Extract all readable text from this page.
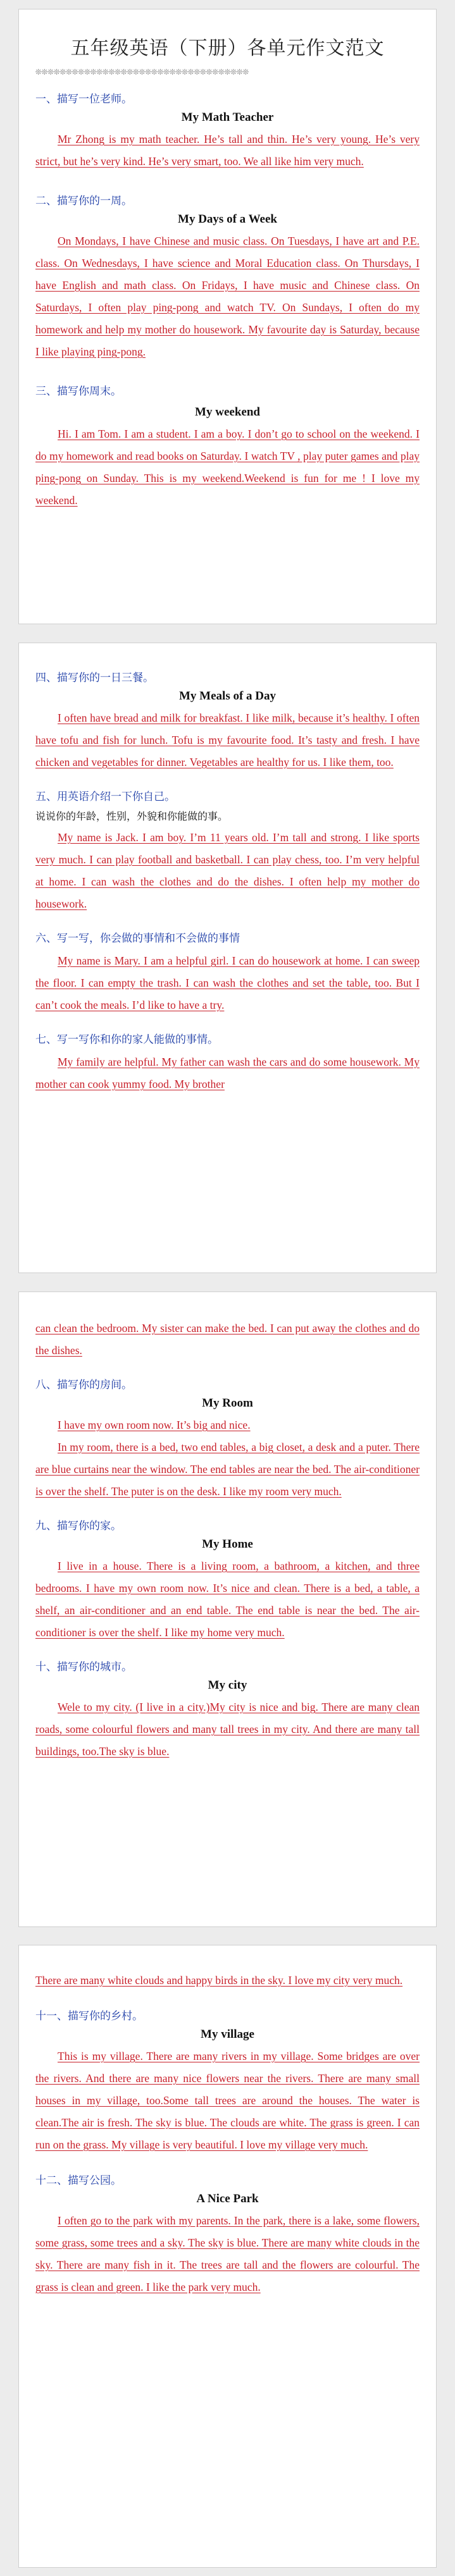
五年级英语（下册）各单元作文范文
❊❊❊❊❊❊❊❊❊❊❊❊❊❊❊❊❊❊❊❊❊❊❊❊❊❊❊❊❊❊❊❊❊❊❊
一、描写一位老师。
My Math Teacher

Mr Zhong is my math teacher. He’s tall and thin. He’s very young. He’s very strict, but he’s very kind. He’s very smart, too. We all like him very much.

二、描写你的一周。
My Days of a Week

On Mondays, I have Chinese and music class. On Tuesdays, I have art and P.E. class. On Wednesdays, I have science and Moral Education class. On Thursdays, I have English and math class. On Fridays, I have music and Chinese class. On Saturdays, I often play ping-pong and watch TV. On Sundays, I often do my homework and help my mother do housework. My favourite day is Saturday, because I like playing ping-pong.

三、描写你周末。
My weekend

Hi. I am Tom. I am a student. I am a boy. I don’t go to school on the weekend. I do my homework and read books on Saturday. I watch TV , play puter games and play ping-pong on Sunday. This is my weekend.Weekend is fun for me ! I love my weekend.

四、描写你的一日三餐。
My Meals of a Day

I often have bread and milk for breakfast. I like milk, because it’s healthy. I often have tofu and fish for lunch. Tofu is my favourite food. It’s tasty and fresh. I have chicken and vegetables for dinner. Vegetables are healthy for us. I like them, too.

五、用英语介绍一下你自己。
说说你的年龄，性别，外貌和你能做的事。

My name is Jack. I am boy. I’m 11 years old. I’m tall and strong. I like sports very much. I can play football and basketball. I can play chess, too. I’m very helpful at home. I can wash the clothes and do the dishes. I often help my mother do housework.

六、写一写，你会做的事情和不会做的事情

My name is Mary. I am a helpful girl. I can do housework at home. I can sweep the floor. I can empty the trash. I can wash the clothes and set the table, too. But I can’t cook the meals. I’d like to have a try.

七、写一写你和你的家人能做的事情。

My family are helpful. My father can wash the cars and do some housework. My mother can cook yummy food. My brother

can clean the bedroom. My sister can make the bed. I can put away the clothes and do the dishes.

八、描写你的房间。
My Room

I have my own room now. It’s big and nice.

In my room, there is a bed, two end tables, a big closet, a desk and a puter. There are blue curtains near the window. The end tables are near the bed. The air-conditioner is over the shelf. The puter is on the desk. I like my room very much.

九、描写你的家。
My Home

I live in a house. There is a living room, a bathroom, a kitchen, and three bedrooms. I have my own room now. It’s nice and clean. There is a bed, a table, a shelf, an air-conditioner and an end table. The end table is near the bed. The air-conditioner is over the shelf. I like my home very much.

十、描写你的城市。
My city

Wele to my city. (I live in a city.)My city is nice and big. There are many clean roads, some colourful flowers and many tall trees in my city. And there are many tall buildings, too.The sky is blue.

There are many white clouds and happy birds in the sky. I love my city very much.

十一、描写你的乡村。
My village

This is my village. There are many rivers in my village. Some bridges are over the rivers. And there are many nice flowers near the rivers. There are many small houses in my village, too.Some tall trees are around the houses. The water is clean.The air is fresh. The sky is blue. The clouds are white. The grass is green. I can run on the grass. My village is very beautiful. I love my village very much.

十二、描写公园。
A Nice Park

I often go to the park with my parents. In the park, there is a lake, some flowers, some grass, some trees and a sky. The sky is blue. There are many white clouds in the sky. There are many fish in it. The trees are tall and the flowers are colourful. The grass is clean and green. I like the park very much.
